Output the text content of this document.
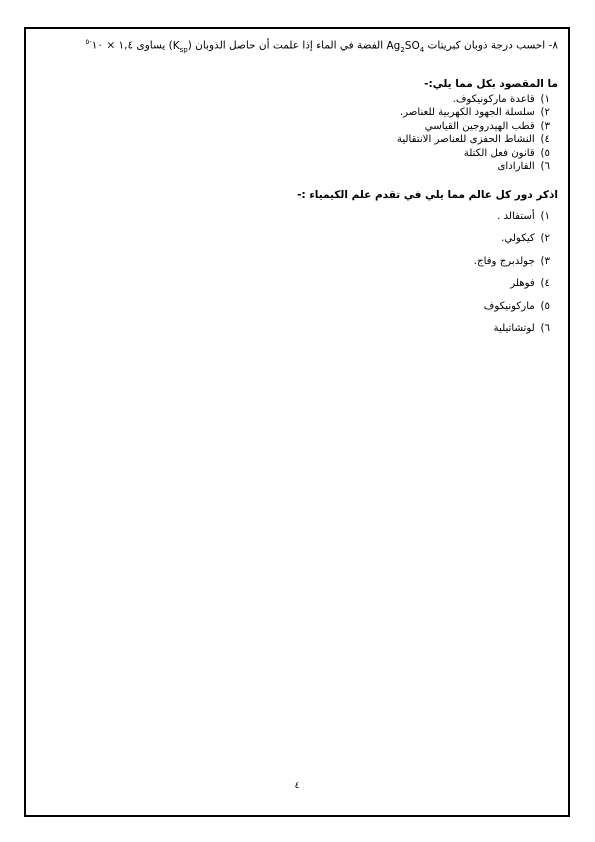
٨- احسب درجة ذوبان كبريتات $Ag_2SO_4$ الفضة في الماء إذا علمت أن حاصل الذوبان $(K_{sp})$ يساوى ١,٤ × $١٠^{-٥}$

ما المقصود بكل مما يلي:-

١) قاعدة ماركونيكوف.
٢) سلسلة الجهود الكهربية للعناصر.
٣) قطب الهيدروجين القياسي
٤) النشاط الحفزى للعناصر الانتقالية
٥) قانون فعل الكتلة
٦) الفاراداى

اذكر دور كل عالم مما يلي في تقدم علم الكيمياء :-

١) أستفالد .
٢) كيكولي.
٣) جولدبرج وفاج.
٤) فوهلر
٥) ماركونيكوف
٦) لوتشاتيلية
٤
